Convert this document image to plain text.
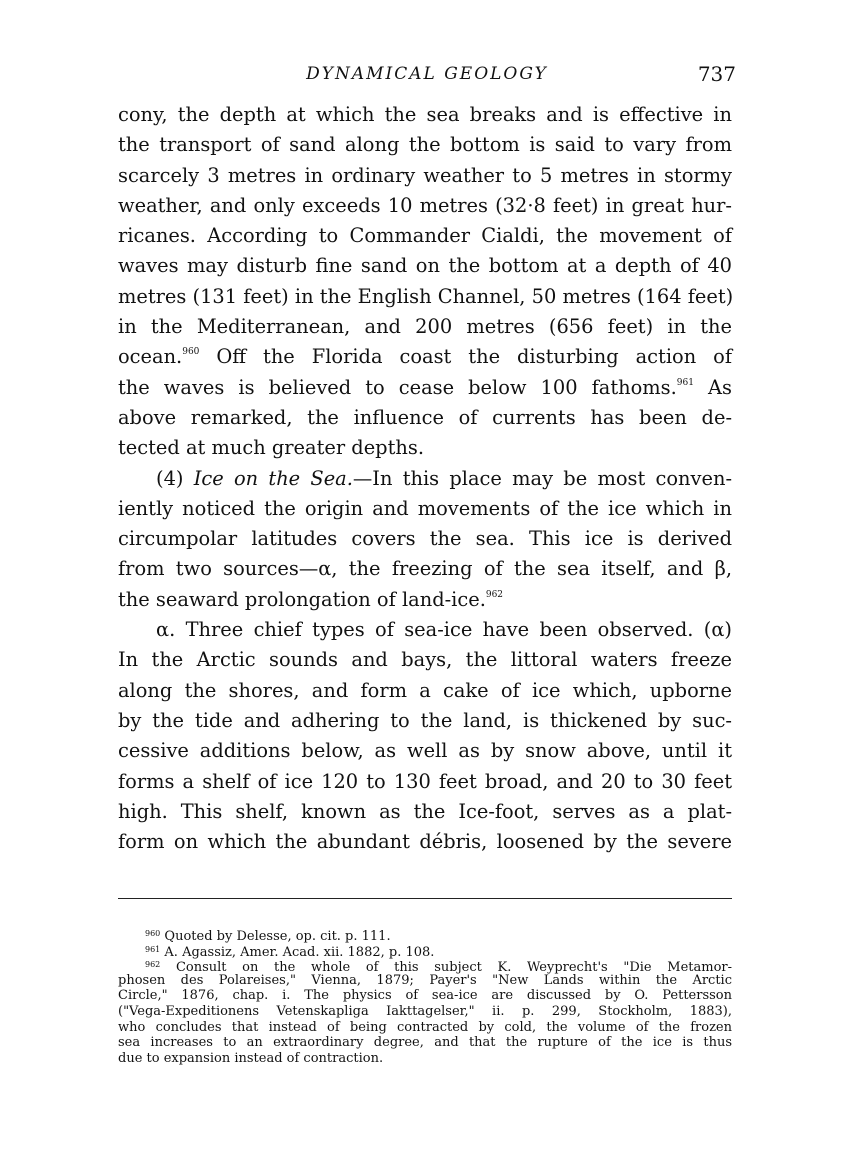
DYNAMICAL GEOLOGY	737
cony, the depth at which the sea breaks and is effective in
the transport of sand along the bottom is said to vary from
scarcely 3 metres in ordinary weather to 5 metres in stormy
weather, and only exceeds 10 metres (32·8 feet) in great hur-
ricanes. According to Commander Cialdi, the movement of
waves may disturb fine sand on the bottom at a depth of 40
metres (131 feet) in the English Channel, 50 metres (164 feet)
in the Mediterranean, and 200 metres (656 feet) in the
ocean.$^{960}$ Off the Florida coast the disturbing action of
the waves is believed to cease below 100 fathoms.$^{961}$ As
above remarked, the influence of currents has been de-
tected at much greater depths.
(4) Ice on the Sea.—In this place may be most conven-
iently noticed the origin and movements of the ice which in
circumpolar latitudes covers the sea. This ice is derived
from two sources—α, the freezing of the sea itself, and β,
the seaward prolongation of land-ice.$^{962}$
α. Three chief types of sea-ice have been observed. (α)
In the Arctic sounds and bays, the littoral waters freeze
along the shores, and form a cake of ice which, upborne
by the tide and adhering to the land, is thickened by suc-
cessive additions below, as well as by snow above, until it
forms a shelf of ice 120 to 130 feet broad, and 20 to 30 feet
high. This shelf, known as the Ice-foot, serves as a plat-
form on which the abundant débris, loosened by the severe
$^{960}$ Quoted by Delesse, op. cit. p. 111.
$^{961}$ A. Agassiz, Amer. Acad. xii. 1882, p. 108.
$^{962}$ Consult on the whole of this subject K. Weyprecht's "Die Metamor-
phosen des Polareises," Vienna, 1879; Payer's "New Lands within the Arctic
Circle," 1876, chap. i. The physics of sea-ice are discussed by O. Pettersson
("Vega-Expeditionens Vetenskapliga Iakttagelser," ii. p. 299, Stockholm, 1883),
who concludes that instead of being contracted by cold, the volume of the frozen
sea increases to an extraordinary degree, and that the rupture of the ice is thus
due to expansion instead of contraction.
